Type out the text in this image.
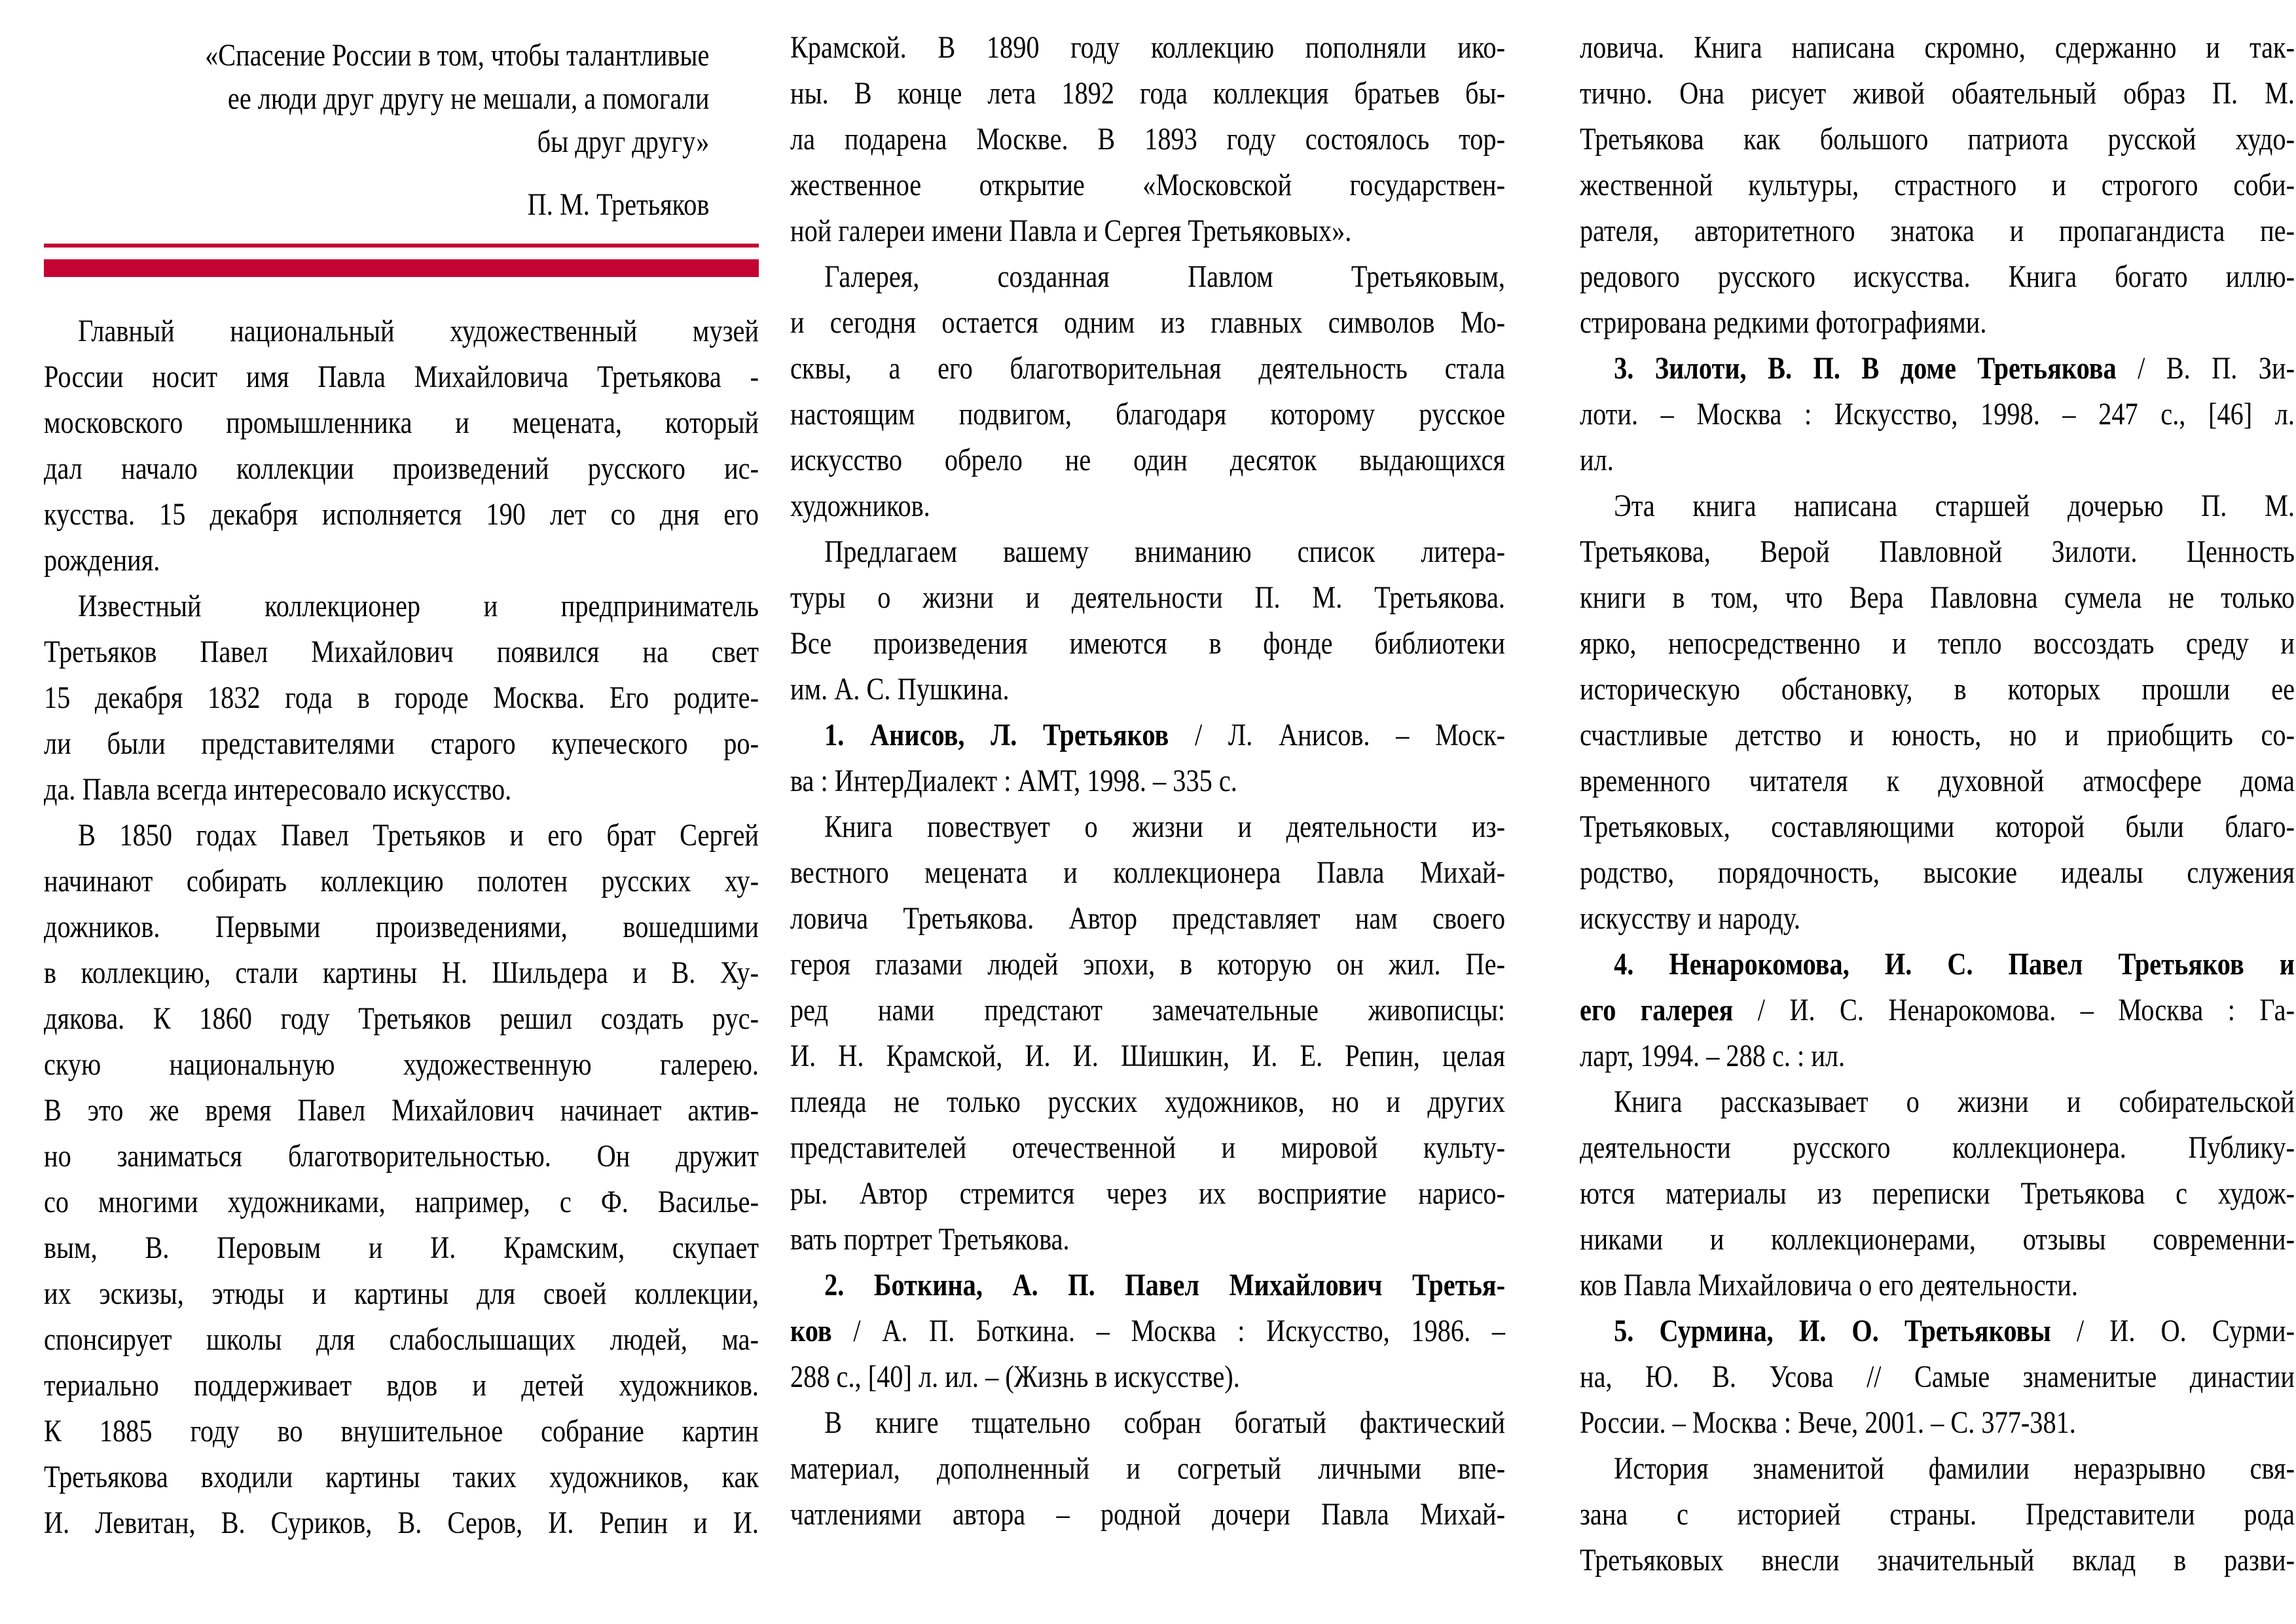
«Спасение России в том, чтобы талантливые
ее люди друг другу не мешали, а помогали
бы друг другу»
П. М. Третьяков
Главный национальный художественный музей
России носит имя Павла Михайловича Третьякова -
московского промышленника и мецената, который
дал начало коллекции произведений русского ис-
кусства. 15 декабря исполняется 190 лет со дня его
рождения.
Известный коллекционер и предприниматель
Третьяков Павел Михайлович появился на свет
15 декабря 1832 года в городе Москва. Его родите-
ли были представителями старого купеческого ро-
да. Павла всегда интересовало искусство.
В 1850 годах Павел Третьяков и его брат Сергей
начинают собирать коллекцию полотен русских ху-
дожников. Первыми произведениями, вошедшими
в коллекцию, стали картины Н. Шильдера и В. Ху-
дякова. К 1860 году Третьяков решил создать рус-
скую национальную художественную галерею.
В это же время Павел Михайлович начинает актив-
но заниматься благотворительностью. Он дружит
со многими художниками, например, с Ф. Василье-
вым, В. Перовым и И. Крамским, скупает
их эскизы, этюды и картины для своей коллекции,
спонсирует школы для слабослышащих людей, ма-
териально поддерживает вдов и детей художников.
К 1885 году во внушительное собрание картин
Третьякова входили картины таких художников, как
И. Левитан, В. Суриков, В. Серов, И. Репин и И.
Крамской. В 1890 году коллекцию пополняли ико-
ны. В конце лета 1892 года коллекция братьев бы-
ла подарена Москве. В 1893 году состоялось тор-
жественное открытие «Московской государствен-
ной галереи имени Павла и Сергея Третьяковых».
Галерея, созданная Павлом Третьяковым,
и сегодня остается одним из главных символов Мо-
сквы, а его благотворительная деятельность стала
настоящим подвигом, благодаря которому русское
искусство обрело не один десяток выдающихся
художников.
Предлагаем вашему вниманию список литера-
туры о жизни и деятельности П. М. Третьякова.
Все произведения имеются в фонде библиотеки
им. А. С. Пушкина.
1. Анисов, Л. Третьяков / Л. Анисов. – Моск-
ва : ИнтерДиалект : АМТ, 1998. – 335 с.
Книга повествует о жизни и деятельности из-
вестного мецената и коллекционера Павла Михай-
ловича Третьякова. Автор представляет нам своего
героя глазами людей эпохи, в которую он жил. Пе-
ред нами предстают замечательные живописцы:
И. Н. Крамской, И. И. Шишкин, И. Е. Репин, целая
плеяда не только русских художников, но и других
представителей отечественной и мировой культу-
ры. Автор стремится через их восприятие нарисо-
вать портрет Третьякова.
2. Боткина, А. П. Павел Михайлович Третья-
ков / А. П. Боткина. – Москва : Искусство, 1986. –
288 с., [40] л. ил. – (Жизнь в искусстве).
В книге тщательно собран богатый фактический
материал, дополненный и согретый личными впе-
чатлениями автора – родной дочери Павла Михай-
ловича. Книга написана скромно, сдержанно и так-
тично. Она рисует живой обаятельный образ П. М.
Третьякова как большого патриота русской худо-
жественной культуры, страстного и строгого соби-
рателя, авторитетного знатока и пропагандиста пе-
редового русского искусства. Книга богато иллю-
стрирована редкими фотографиями.
3. Зилоти, В. П. В доме Третьякова / В. П. Зи-
лоти. – Москва : Искусство, 1998. – 247 с., [46] л.
ил.
Эта книга написана старшей дочерью П. М.
Третьякова, Верой Павловной Зилоти. Ценность
книги в том, что Вера Павловна сумела не только
ярко, непосредственно и тепло воссоздать среду и
историческую обстановку, в которых прошли ее
счастливые детство и юность, но и приобщить со-
временного читателя к духовной атмосфере дома
Третьяковых, составляющими которой были благо-
родство, порядочность, высокие идеалы служения
искусству и народу.
4. Ненарокомова, И. С. Павел Третьяков и
его галерея / И. С. Ненарокомова. – Москва : Га-
ларт, 1994. – 288 с. : ил.
Книга рассказывает о жизни и собирательской
деятельности русского коллекционера. Публику-
ются материалы из переписки Третьякова с худож-
никами и коллекционерами, отзывы современни-
ков Павла Михайловича о его деятельности.
5. Сурмина, И. О. Третьяковы / И. О. Сурми-
на, Ю. В. Усова // Самые знаменитые династии
России. – Москва : Вече, 2001. – С. 377-381.
История знаменитой фамилии неразрывно свя-
зана с историей страны. Представители рода
Третьяковых внесли значительный вклад в разви-
